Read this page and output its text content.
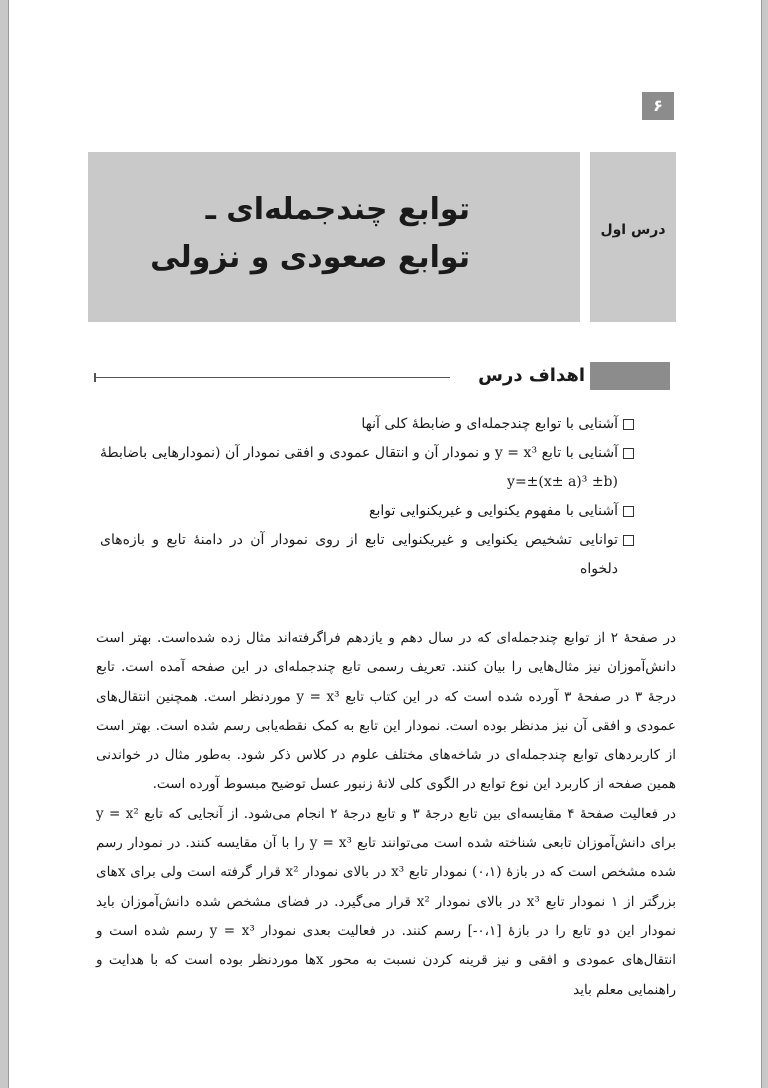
۶
توابع چندجمله‌ای ـ
توابع صعودی و نزولی
درس اول
اهداف درس
آشنایی با توابع چندجمله‌ای و ضابطهٔ کلی آنها
آشنایی با تابع y = x³ و نمودار آن و انتقال عمودی و افقی نمودار آن (نمودارهایی باضابطهٔ (y=±(x± a)³ ±b
آشنایی با مفهوم یکنوایی و غیریکنوایی توابع
توانایی تشخیص یکنوایی و غیریکنوایی تابع از روی نمودار آن در دامنهٔ تابع و بازه‌های دلخواه

در صفحهٔ ۲ از توابع چندجمله‌ای که در سال دهم و یازدهم فراگرفته‌اند مثال زده شده‌است. بهتر است دانش‌آموزان نیز مثال‌هایی را بیان کنند. تعریف رسمی تابع چندجمله‌ای در این صفحه آمده است. تابع درجهٔ ۳ در صفحهٔ ۳ آورده شده است که در این کتاب تابع y = x³ موردنظر است. همچنین انتقال‌های عمودی و افقی آن نیز مدنظر بوده است. نمودار این تابع به کمک نقطه‌یابی رسم شده است. بهتر است از کاربردهای توابع چندجمله‌ای در شاخه‌های مختلف علوم در کلاس ذکر شود. به‌طور مثال در خواندنی همین صفحه از کاربرد این نوع توابع در الگوی کلی لانهٔ زنبور عسل توضیح مبسوط آورده است.

در فعالیت صفحهٔ ۴ مقایسه‌ای بین تابع درجهٔ ۳ و تابع درجهٔ ۲ انجام می‌شود. از آنجایی که تابع y = x² برای دانش‌آموزان تابعی شناخته شده است می‌توانند تابع y = x³ را با آن مقایسه کنند. در نمودار رسم شده مشخص است که در بازهٔ (۰،۱) نمودار تابع x³ در بالای نمودار x² قرار گرفته است ولی برای xهای بزرگتر از ۱ نمودار تابع x³ در بالای نمودار x² قرار می‌گیرد. در فضای مشخص شده دانش‌آموزان باید نمودار این دو تابع را در بازهٔ [۰،۱-] رسم کنند. در فعالیت بعدی نمودار y = x³ رسم شده است و انتقال‌های عمودی و افقی و نیز قرینه کردن نسبت به محور xها موردنظر بوده است که با هدایت و راهنمایی معلم باید
